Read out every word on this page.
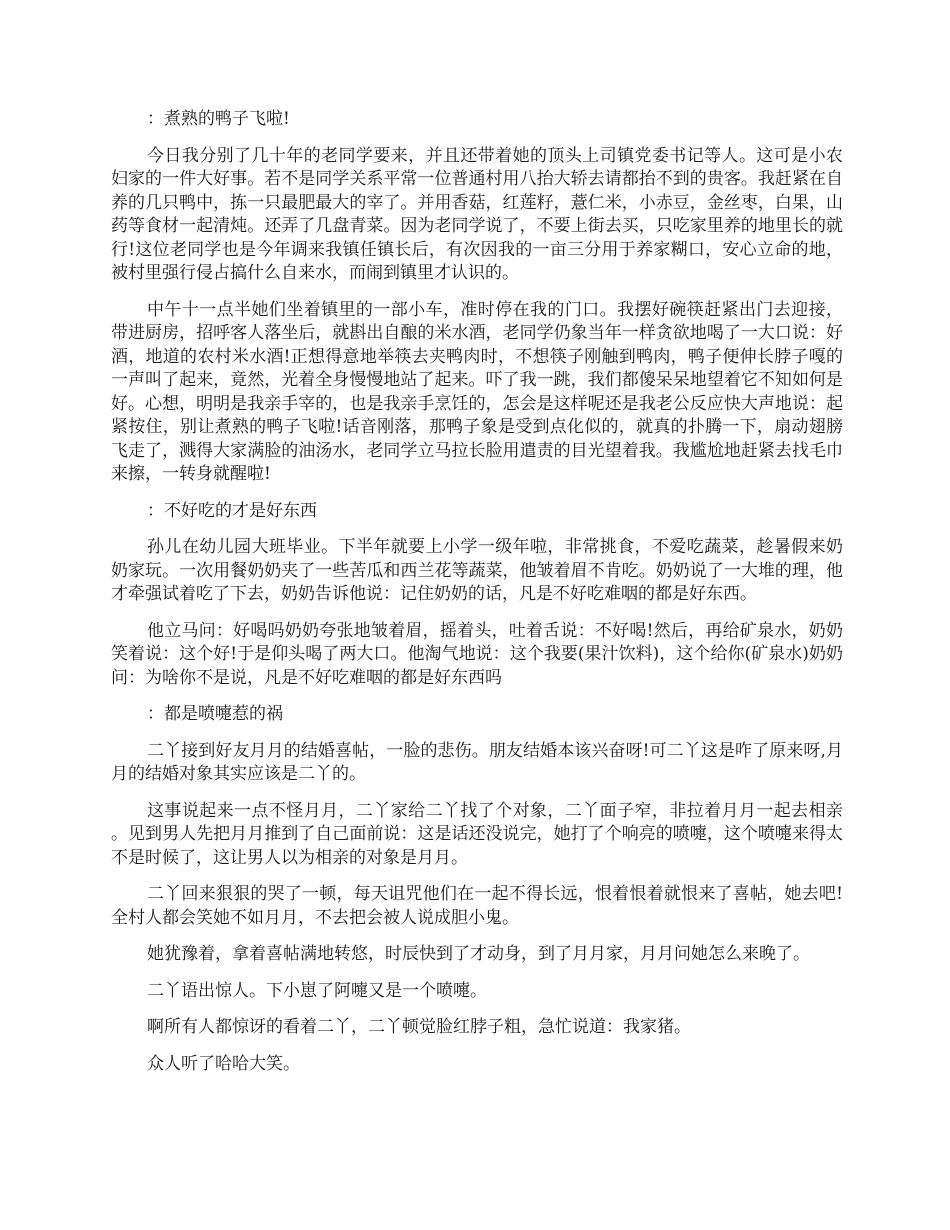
：煮熟的鸭子飞啦!

今日我分别了几十年的老同学要来，并且还带着她的顶头上司镇党委书记等人。这可是小农妇家的一件大好事。若不是同学关系平常一位普通村用八抬大轿去请都抬不到的贵客。我赶紧在自养的几只鸭中，拣一只最肥最大的宰了。并用香菇，红莲籽，薏仁米，小赤豆，金丝枣，白果，山药等食材一起清炖。还弄了几盘青菜。因为老同学说了，不要上街去买，只吃家里养的地里长的就行!这位老同学也是今年调来我镇任镇长后，有次因我的一亩三分用于养家糊口，安心立命的地，被村里强行侵占搞什么自来水，而闹到镇里才认识的。

中午十一点半她们坐着镇里的一部小车，准时停在我的门口。我摆好碗筷赶紧出门去迎接，带进厨房，招呼客人落坐后，就斟出自酿的米水酒，老同学仍象当年一样贪欲地喝了一大口说：好酒，地道的农村米水酒!正想得意地举筷去夹鸭肉时，不想筷子刚触到鸭肉，鸭子便伸长脖子嘎的一声叫了起来，竟然，光着全身慢慢地站了起来。吓了我一跳，我们都傻呆呆地望着它不知如何是好。心想，明明是我亲手宰的，也是我亲手烹饪的，怎会是这样呢还是我老公反应快大声地说：起紧按住，别让煮熟的鸭子飞啦!话音刚落，那鸭子象是受到点化似的，就真的扑腾一下，扇动翅膀飞走了，溅得大家满脸的油汤水，老同学立马拉长脸用遣责的目光望着我。我尴尬地赶紧去找毛巾来擦，一转身就醒啦!

：不好吃的才是好东西

孙儿在幼儿园大班毕业。下半年就要上小学一级年啦，非常挑食，不爱吃蔬菜，趁暑假来奶奶家玩。一次用餐奶奶夹了一些苦瓜和西兰花等蔬菜，他皱着眉不肯吃。奶奶说了一大堆的理，他才牵强试着吃了下去，奶奶告诉他说：记住奶奶的话，凡是不好吃难咽的都是好东西。

他立马问：好喝吗奶奶夸张地皱着眉，摇着头，吐着舌说：不好喝!然后，再给矿泉水，奶奶笑着说：这个好!于是仰头喝了两大口。他淘气地说：这个我要(果汁饮料)，这个给你(矿泉水)奶奶问：为啥你不是说，凡是不好吃难咽的都是好东西吗

：都是喷嚏惹的祸

二丫接到好友月月的结婚喜帖，一脸的悲伤。朋友结婚本该兴奋呀!可二丫这是咋了原来呀,月月的结婚对象其实应该是二丫的。

这事说起来一点不怪月月，二丫家给二丫找了个对象，二丫面子窄，非拉着月月一起去相亲。见到男人先把月月推到了自己面前说：这是话还没说完，她打了个响亮的喷嚏，这个喷嚏来得太不是时候了，这让男人以为相亲的对象是月月。

二丫回来狠狠的哭了一顿，每天诅咒他们在一起不得长远，恨着恨着就恨来了喜帖，她去吧!全村人都会笑她不如月月，不去把会被人说成胆小鬼。

她犹豫着，拿着喜帖满地转悠，时辰快到了才动身，到了月月家，月月问她怎么来晚了。

二丫语出惊人。下小崽了阿嚏又是一个喷嚏。

啊所有人都惊讶的看着二丫，二丫顿觉脸红脖子粗，急忙说道：我家猪。

众人听了哈哈大笑。
